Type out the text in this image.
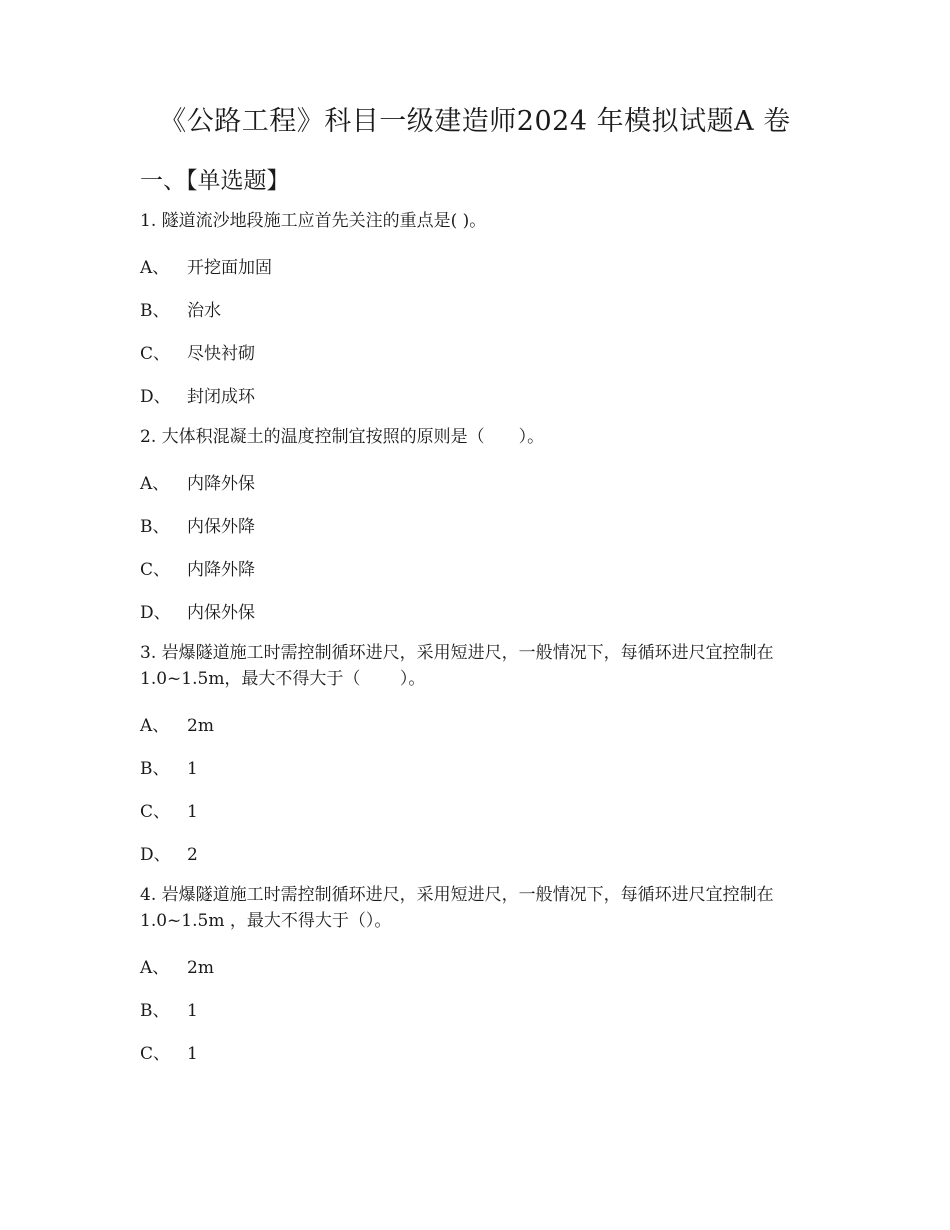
《公路工程》科目一级建造师2024 年模拟试题A 卷
一、【单选题】
1. 隧道流沙地段施工应首先关注的重点是( )。
A、 开挖面加固
B、 治水
C、 尽快衬砌
D、 封闭成环
2. 大体积混凝土的温度控制宜按照的原则是（　　）。
A、 内降外保
B、 内保外降
C、 内降外降
D、 内保外保
3. 岩爆隧道施工时需控制循环进尺，采用短进尺，一般情况下，每循环进尺宜控制在1.0~1.5m，最大不得大于（　　 ）。
A、 2m
B、 1
C、 1
D、 2
4. 岩爆隧道施工时需控制循环进尺，采用短进尺，一般情况下，每循环进尺宜控制在1.0~1.5m ，最大不得大于（）。
A、 2m
B、 1
C、 1
